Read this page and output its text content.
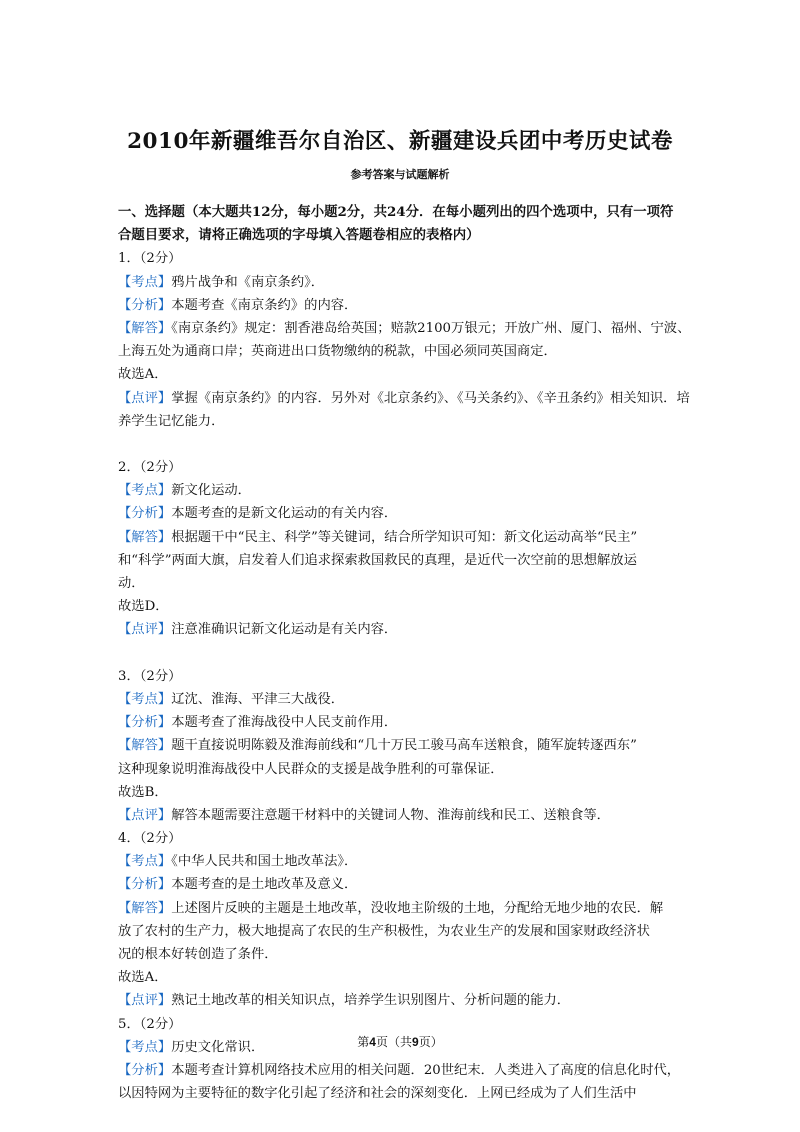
2010年新疆维吾尔自治区、新疆建设兵团中考历史试卷
参考答案与试题解析
一、选择题（本大题共12分，每小题2分，共24分．在每小题列出的四个选项中，只有一项符
合题目要求，请将正确选项的字母填入答题卷相应的表格内）
1．（2分）
【考点】鸦片战争和《南京条约》．
【分析】本题考查《南京条约》的内容．
【解答】《南京条约》规定：割香港岛给英国；赔款2100万银元；开放广州、厦门、福州、宁波、
上海五处为通商口岸；英商进出口货物缴纳的税款，中国必须同英国商定．
故选A．
【点评】掌握《南京条约》的内容．另外对《北京条约》、《马关条约》、《辛丑条约》相关知识．培
养学生记忆能力．
2．（2分）
【考点】新文化运动．
【分析】本题考查的是新文化运动的有关内容．
【解答】根据题干中“民主、科学”等关键词，结合所学知识可知：新文化运动高举“民主”
和“科学”两面大旗，启发着人们追求探索救国救民的真理，是近代一次空前的思想解放运
动．
故选D．
【点评】注意准确识记新文化运动是有关内容．
3．（2分）
【考点】辽沈、淮海、平津三大战役．
【分析】本题考查了淮海战役中人民支前作用．
【解答】题干直接说明陈毅及淮海前线和“几十万民工骏马高车送粮食，随军旋转逐西东”
这种现象说明淮海战役中人民群众的支援是战争胜利的可靠保证．
故选B．
【点评】解答本题需要注意题干材料中的关键词人物、淮海前线和民工、送粮食等．
4．（2分）
【考点】《中华人民共和国土地改革法》．
【分析】本题考查的是土地改革及意义．
【解答】上述图片反映的主题是土地改革，没收地主阶级的土地，分配给无地少地的农民．解
放了农村的生产力，极大地提高了农民的生产积极性，为农业生产的发展和国家财政经济状
况的根本好转创造了条件．
故选A．
【点评】熟记土地改革的相关知识点，培养学生识别图片、分析问题的能力．
5．（2分）
【考点】历史文化常识．
【分析】本题考查计算机网络技术应用的相关问题．20世纪末．人类进入了高度的信息化时代，
以因特网为主要特征的数字化引起了经济和社会的深刻变化．上网已经成为了人们生活中
第4页（共9页）
